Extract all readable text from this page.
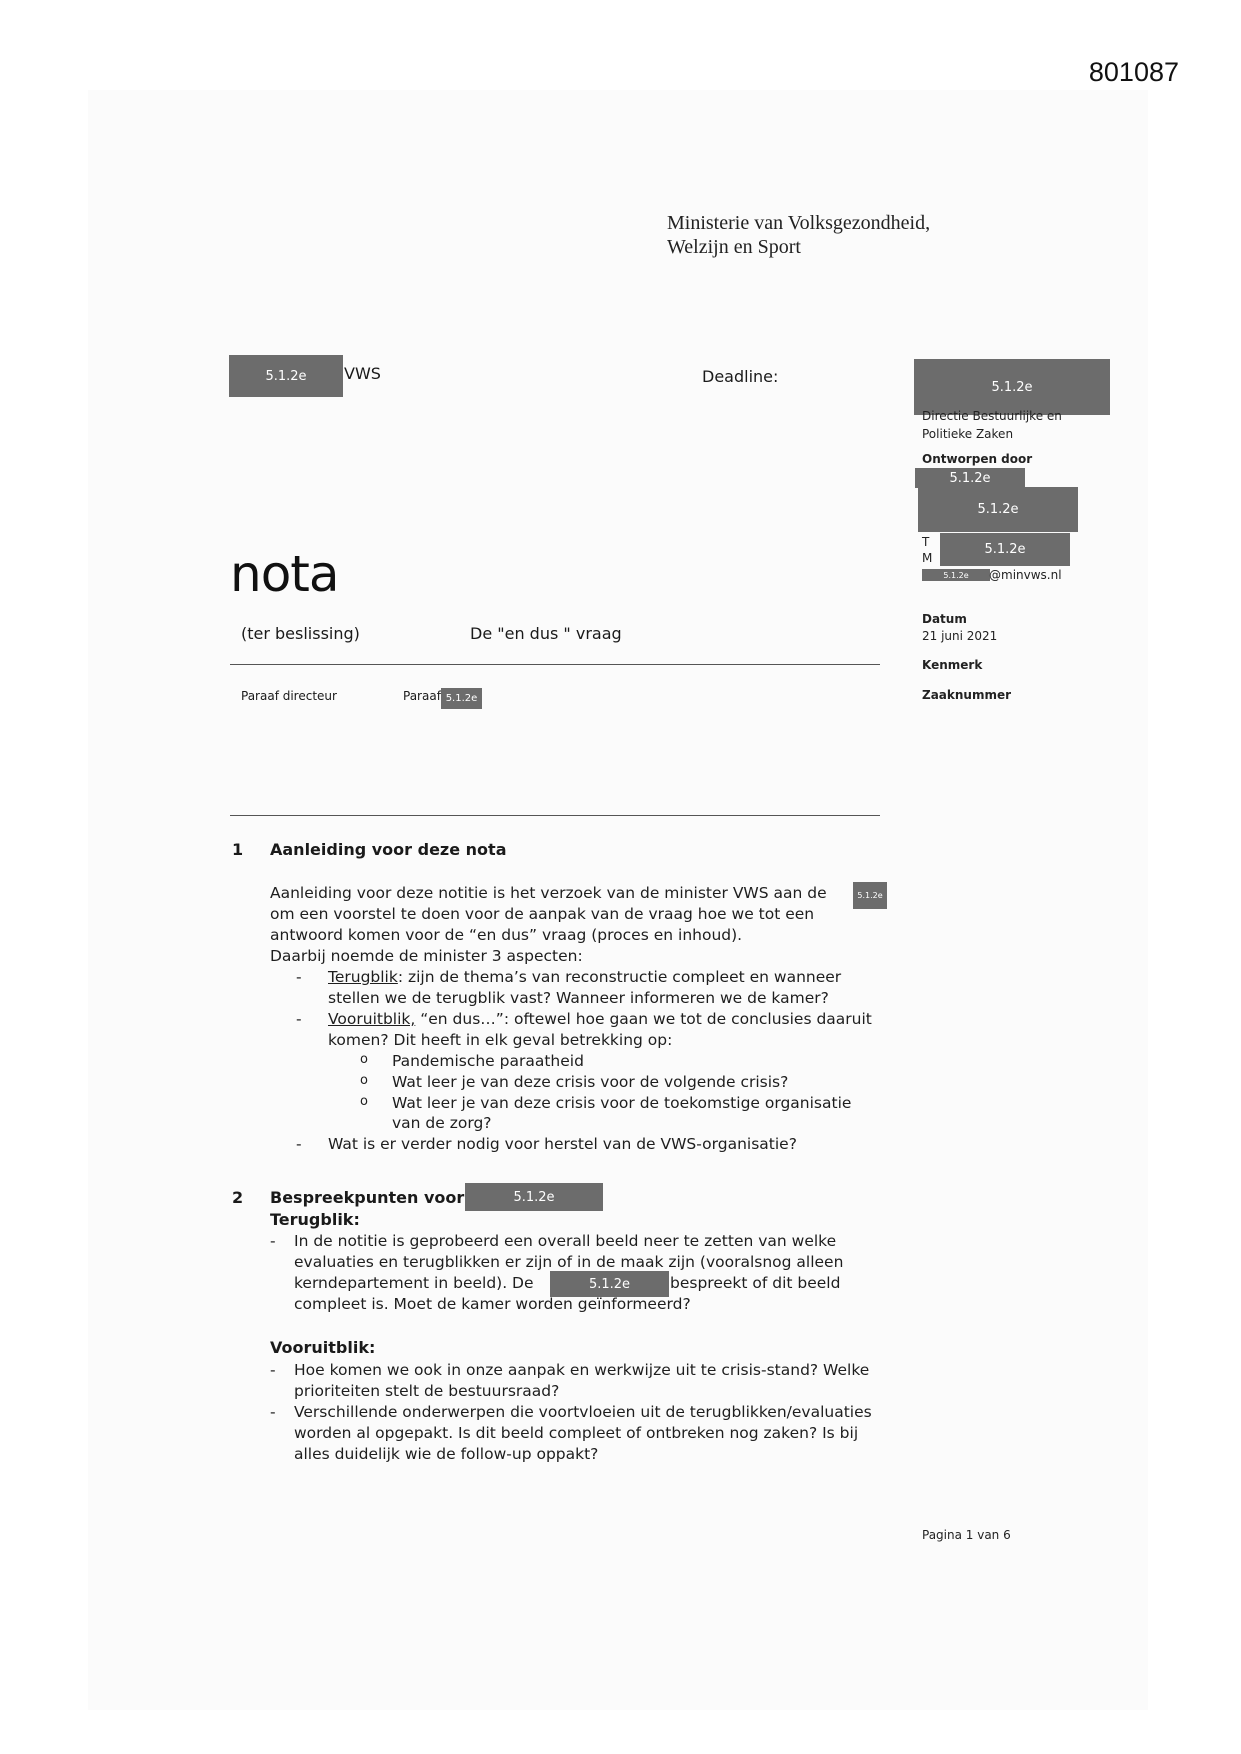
801087
Ministerie van Volksgezondheid,
Welzijn en Sport
5.1.2e	VWS	Deadline:
5.1.2e
Directie Bestuurlijke en
Politieke Zaken
Ontworpen door
5.1.2e
5.1.2e
T
M
5.1.2e
5.1.2e	@minvws.nl
Datum
21 juni 2021
Kenmerk
Zaaknummer
nota
(ter beslissing)	De "en dus " vraag
Paraaf directeur	Paraaf 5.1.2e
1 Aanleiding voor deze nota
Aanleiding voor deze notitie is het verzoek van de minister VWS aan de	5.1.2e
om een voorstel te doen voor de aanpak van de vraag hoe we tot een
antwoord komen voor de “en dus” vraag (proces en inhoud).
Daarbij noemde de minister 3 aspecten:
- Terugblik: zijn de thema’s van reconstructie compleet en wanneer
stellen we de terugblik vast? Wanneer informeren we de kamer?
- Vooruitblik, “en dus…”: oftewel hoe gaan we tot de conclusies daaruit
komen? Dit heeft in elk geval betrekking op:
o Pandemische paraatheid
o Wat leer je van deze crisis voor de volgende crisis?
o Wat leer je van deze crisis voor de toekomstige organisatie
van de zorg?
- Wat is er verder nodig voor herstel van de VWS-organisatie?
2 Bespreekpunten voor	5.1.2e
Terugblik:
- In de notitie is geprobeerd een overall beeld neer te zetten van welke
evaluaties en terugblikken er zijn of in de maak zijn (vooralsnog alleen
kerndepartement in beeld). De	5.1.2e	bespreekt of dit beeld
compleet is. Moet de kamer worden geïnformeerd?
Vooruitblik:
- Hoe komen we ook in onze aanpak en werkwijze uit te crisis-stand? Welke
prioriteiten stelt de bestuursraad?
- Verschillende onderwerpen die voortvloeien uit de terugblikken/evaluaties
worden al opgepakt. Is dit beeld compleet of ontbreken nog zaken? Is bij
alles duidelijk wie de follow-up oppakt?
Pagina 1 van 6
